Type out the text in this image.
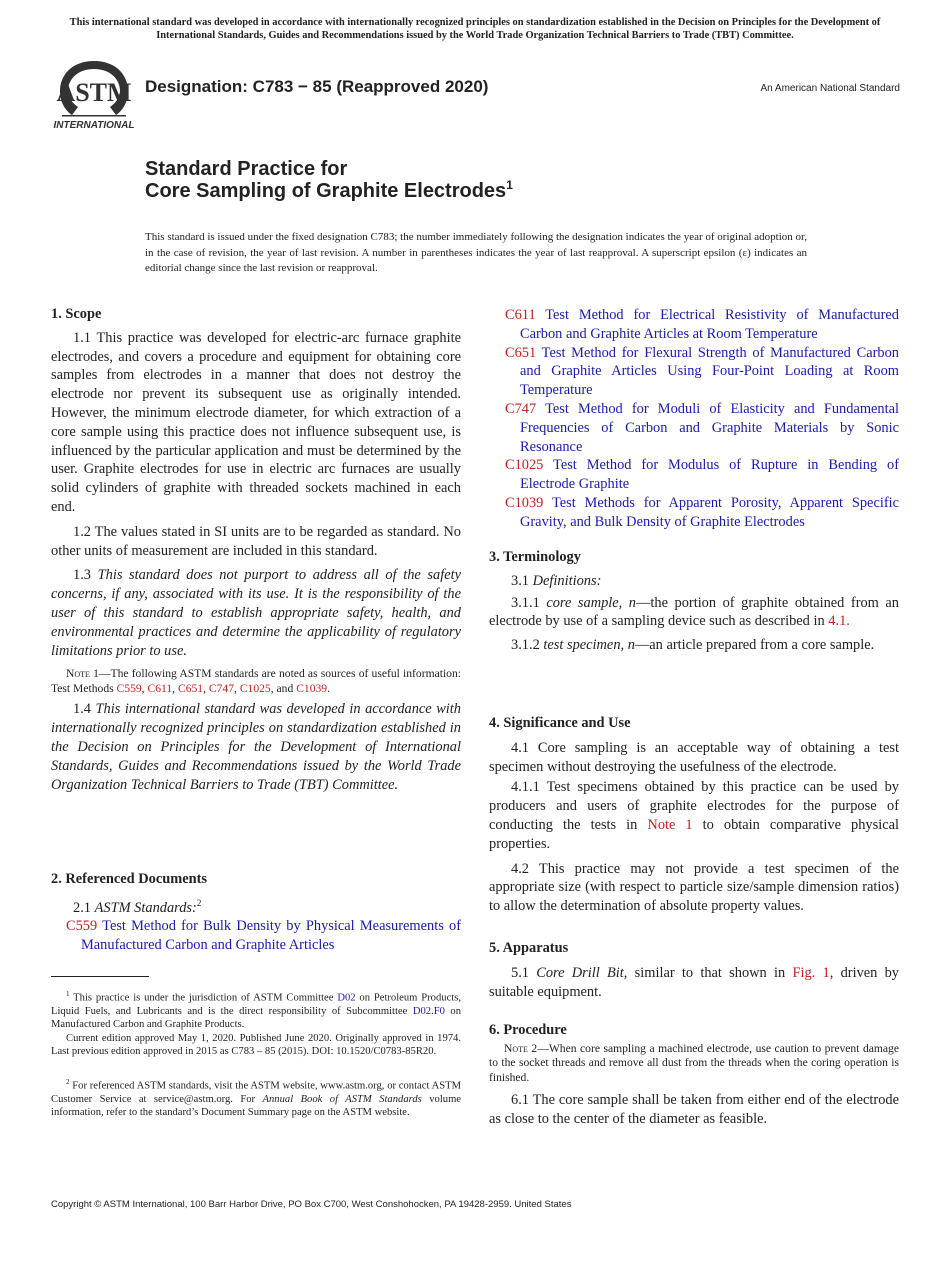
This international standard was developed in accordance with internationally recognized principles on standardization established in the Decision on Principles for the Development of International Standards, Guides and Recommendations issued by the World Trade Organization Technical Barriers to Trade (TBT) Committee.
ASTM
INTERNATIONAL
Designation: C783 − 85 (Reapproved 2020)	An American National Standard
Standard Practice for
Core Sampling of Graphite Electrodes$^1$
This standard is issued under the fixed designation C783; the number immediately following the designation indicates the year of original adoption or, in the case of revision, the year of last revision. A number in parentheses indicates the year of last reapproval. A superscript epsilon (ε) indicates an editorial change since the last revision or reapproval.
1. Scope

1.1 This practice was developed for electric-arc furnace graphite electrodes, and covers a procedure and equipment for obtaining core samples from electrodes in a manner that does not destroy the electrode nor prevent its subsequent use as originally intended. However, the minimum electrode diameter, for which extraction of a core sample using this practice does not influence subsequent use, is influenced by the particular application and must be determined by the user. Graphite electrodes for use in electric arc furnaces are usually solid cylinders of graphite with threaded sockets machined in each end.

1.2 The values stated in SI units are to be regarded as standard. No other units of measurement are included in this standard.

1.3 This standard does not purport to address all of the safety concerns, if any, associated with its use. It is the responsibility of the user of this standard to establish appropriate safety, health, and environmental practices and determine the applicability of regulatory limitations prior to use.

Note 1—The following ASTM standards are noted as sources of useful information: Test Methods C559, C611, C651, C747, C1025, and C1039.

1.4 This international standard was developed in accordance with internationally recognized principles on standardization established in the Decision on Principles for the Development of International Standards, Guides and Recommendations issued by the World Trade Organization Technical Barriers to Trade (TBT) Committee.

2. Referenced Documents

2.1 ASTM Standards:$^2$

C559 Test Method for Bulk Density by Physical Measurements of Manufactured Carbon and Graphite Articles
$^1$ This practice is under the jurisdiction of ASTM Committee D02 on Petroleum Products, Liquid Fuels, and Lubricants and is the direct responsibility of Subcommittee D02.F0 on Manufactured Carbon and Graphite Products.
Current edition approved May 1, 2020. Published June 2020. Originally approved in 1974. Last previous edition approved in 2015 as C783 – 85 (2015). DOI: 10.1520/C0783-85R20.
$^2$ For referenced ASTM standards, visit the ASTM website, www.astm.org, or contact ASTM Customer Service at service@astm.org. For Annual Book of ASTM Standards volume information, refer to the standard’s Document Summary page on the ASTM website.
C611 Test Method for Electrical Resistivity of Manufactured Carbon and Graphite Articles at Room Temperature
C651 Test Method for Flexural Strength of Manufactured Carbon and Graphite Articles Using Four-Point Loading at Room Temperature
C747 Test Method for Moduli of Elasticity and Fundamental Frequencies of Carbon and Graphite Materials by Sonic Resonance
C1025 Test Method for Modulus of Rupture in Bending of Electrode Graphite
C1039 Test Methods for Apparent Porosity, Apparent Specific Gravity, and Bulk Density of Graphite Electrodes
3. Terminology

3.1 Definitions:

3.1.1 core sample, n—the portion of graphite obtained from an electrode by use of a sampling device such as described in 4.1.

3.1.2 test specimen, n—an article prepared from a core sample.

4. Significance and Use

4.1 Core sampling is an acceptable way of obtaining a test specimen without destroying the usefulness of the electrode.

4.1.1 Test specimens obtained by this practice can be used by producers and users of graphite electrodes for the purpose of conducting the tests in Note 1 to obtain comparative physical properties.

4.2 This practice may not provide a test specimen of the appropriate size (with respect to particle size/sample dimension ratios) to allow the determination of absolute property values.

5. Apparatus

5.1 Core Drill Bit, similar to that shown in Fig. 1, driven by suitable equipment.

6. Procedure

Note 2—When core sampling a machined electrode, use caution to prevent damage to the socket threads and remove all dust from the threads when the coring operation is finished.

6.1 The core sample shall be taken from either end of the electrode as close to the center of the diameter as feasible.

Copyright © ASTM International, 100 Barr Harbor Drive, PO Box C700, West Conshohocken, PA 19428-2959. United States
